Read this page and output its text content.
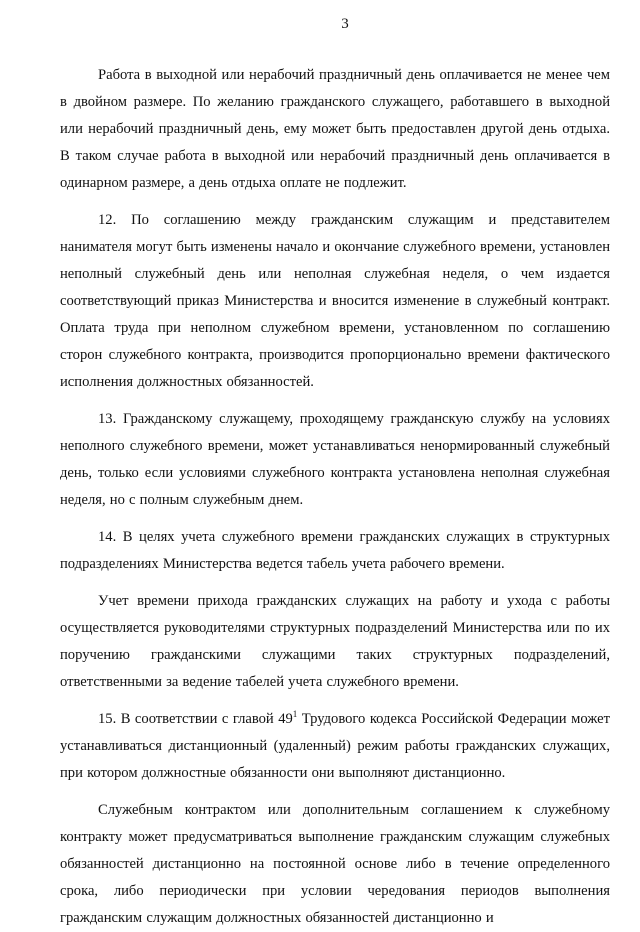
3

Работа в выходной или нерабочий праздничный день оплачивается не менее чем в двойном размере. По желанию гражданского служащего, работавшего в выходной или нерабочий праздничный день, ему может быть предоставлен другой день отдыха. В таком случае работа в выходной или нерабочий праздничный день оплачивается в одинарном размере, а день отдыха оплате не подлежит.

12. По соглашению между гражданским служащим и представителем нанимателя могут быть изменены начало и окончание служебного времени, установлен неполный служебный день или неполная служебная неделя, о чем издается соответствующий приказ Министерства и вносится изменение в служебный контракт. Оплата труда при неполном служебном времени, установленном по соглашению сторон служебного контракта, производится пропорционально времени фактического исполнения должностных обязанностей.

13. Гражданскому служащему, проходящему гражданскую службу на условиях неполного служебного времени, может устанавливаться ненормированный служебный день, только если условиями служебного контракта установлена неполная служебная неделя, но с полным служебным днем.

14. В целях учета служебного времени гражданских служащих в структурных подразделениях Министерства ведется табель учета рабочего времени.

Учет времени прихода гражданских служащих на работу и ухода с работы осуществляется руководителями структурных подразделений Министерства или по их поручению гражданскими служащими таких структурных подразделений, ответственными за ведение табелей учета служебного времени.

15. В соответствии с главой $49^1$ Трудового кодекса Российской Федерации может устанавливаться дистанционный (удаленный) режим работы гражданских служащих, при котором должностные обязанности они выполняют дистанционно.

Служебным контрактом или дополнительным соглашением к служебному контракту может предусматриваться выполнение гражданским служащим служебных обязанностей дистанционно на постоянной основе либо в течение определенного срока, либо периодически при условии чередования периодов выполнения гражданским служащим должностных обязанностей дистанционно и
